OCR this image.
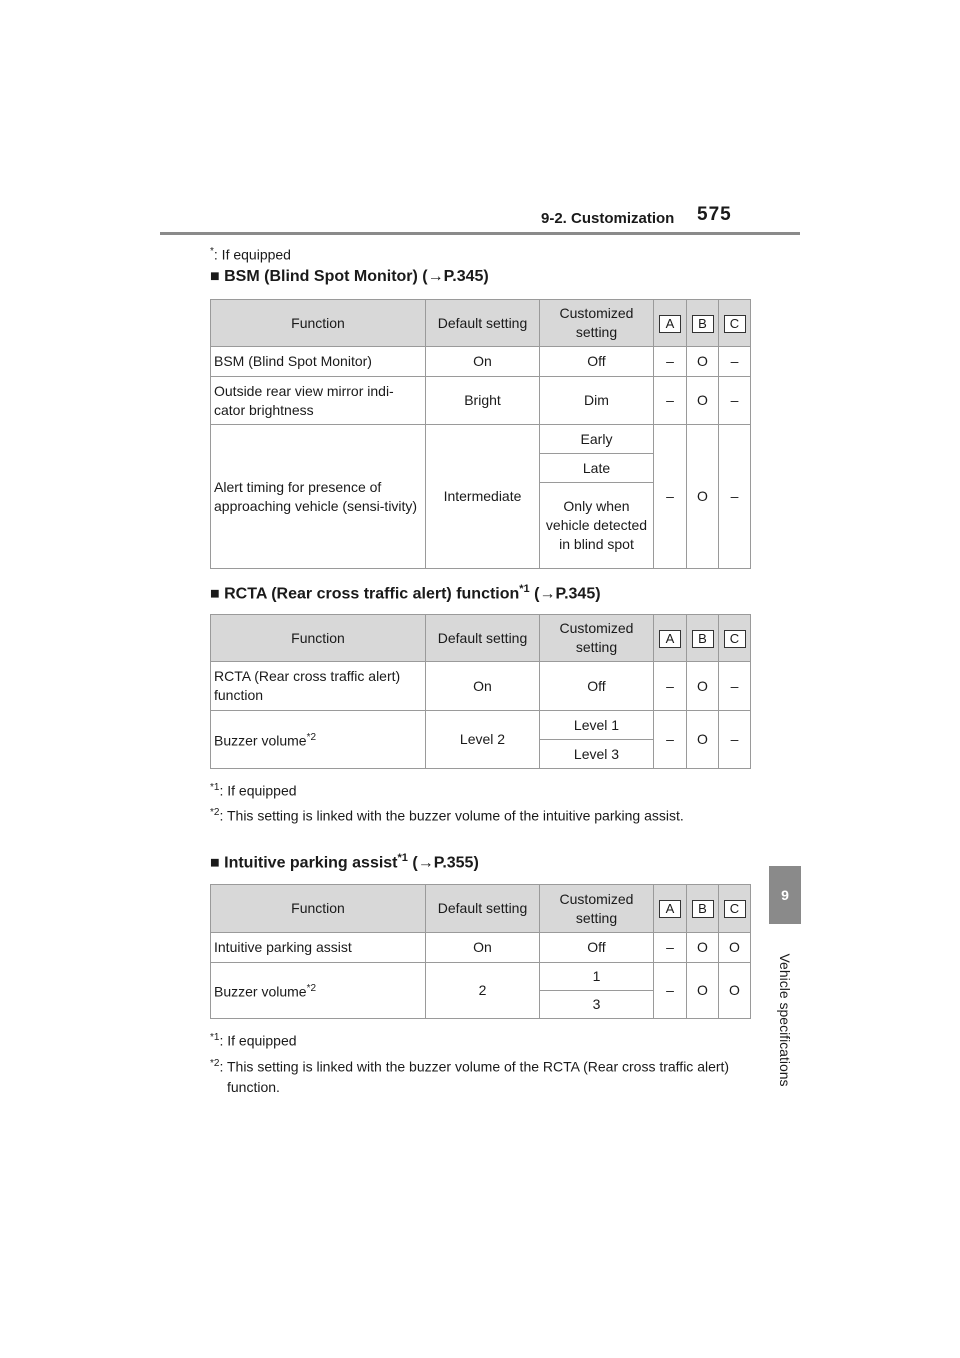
9-2. Customization 575
9
Vehicle specifications
*: If equipped
■ BSM (Blind Spot Monitor) (→P.345)
Function	Default setting	Customized setting	A	B	C
BSM (Blind Spot Monitor)	On	Off	–	O	–
Outside rear view mirror indi-cator brightness	Bright	Dim	–	O	–
Alert timing for presence of approaching vehicle (sensi-tivity)	Intermediate	Early	–	O	–
		Late			
		Only when vehicle detected in blind spot			
■ RCTA (Rear cross traffic alert) function$^{*1}$ (→P.345)
Function	Default setting	Customized setting	A	B	C
RCTA (Rear cross traffic alert) function	On	Off	–	O	–
Buzzer volume$^{*2}$	Level 2	Level 1	–	O	–
		Level 3			
$^{*1}$: If equipped
$^{*2}$: This setting is linked with the buzzer volume of the intuitive parking assist.
■ Intuitive parking assist$^{*1}$ (→P.355)
Function	Default setting	Customized setting	A	B	C
Intuitive parking assist	On	Off	–	O	O
Buzzer volume$^{*2}$	2	1	–	O	O
		3			
$^{*1}$: If equipped
$^{*2}$: This setting is linked with the buzzer volume of the RCTA (Rear cross traffic alert) function.
